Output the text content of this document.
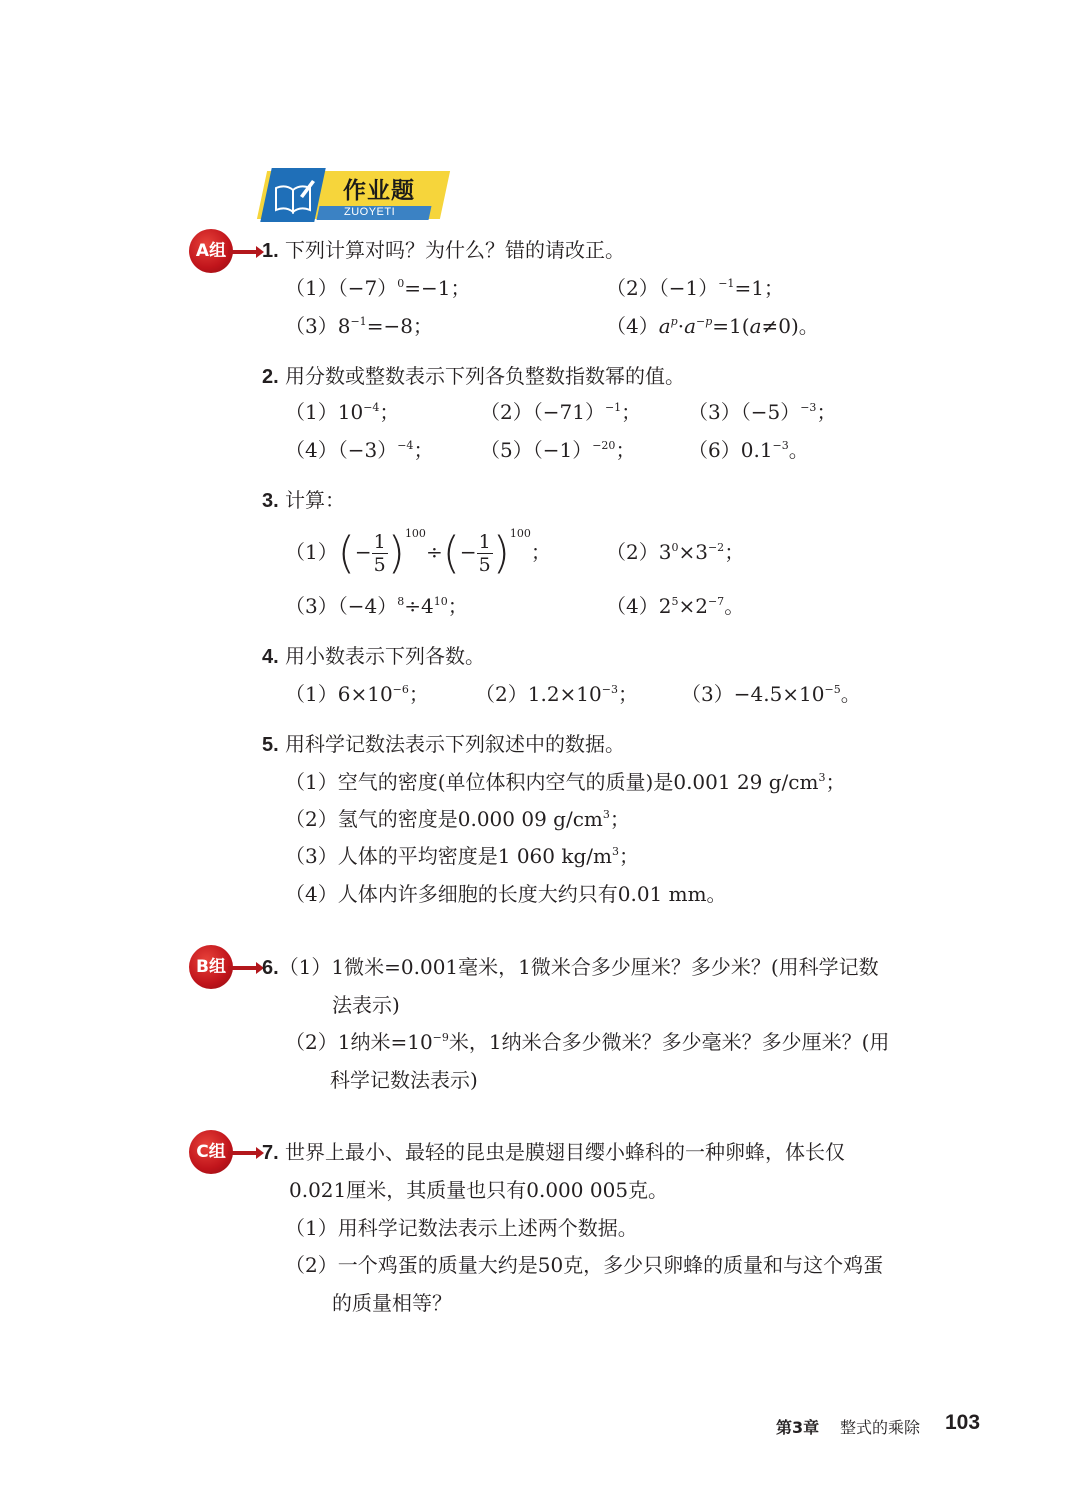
作业题
ZUOYETI
A组	1. 下列计算对吗？为什么？错的请改正。
$(1)(-7)^0=-1$；	$(2)(-1)^{-1}=1$；
$(3)8^{-1}=-8$；	$(4)a^p\cdot a^{-p}=1(a\ne 0)$。
2. 用分数或整数表示下列各负整数指数幂的值。
$(1)10^{-4}$；	$(2)(-71)^{-1}$； $(3)(-5)^{-3}$；
$(4)(-3)^{-4}$； $(5)(-1)^{-20}$；	$(6)0.1^{-3}$。
3. 计算：
$(1)(- \frac{1}{5} )^{100}\div(- \frac{1}{5} )^{100}$；	$(2)3^0\times 3^{-2}$；
$(3)(-4)^8\div 4^{10}$；	$(4)2^5\times 2^{-7}$。
4. 用小数表示下列各数。
$(1)6\times 10^{-6}$； $(2)1.2\times 10^{-3}$； $(3)-4.5\times 10^{-5}$。
5. 用科学记数法表示下列叙述中的数据。
（1）空气的密度(单位体积内空气的质量)是0.001 29 $g/cm^3$；
（2）氢气的密度是0.000 09 $g/cm^3$；
（3）人体的平均密度是1 060 $kg/m^3$；
（4）人体内许多细胞的长度大约只有0.01 mm。
B组	6.（1）1微米=0.001毫米，1微米合多少厘米？多少米？(用科学记数
法表示)
（2）1纳米$=10^{-9}$米，1纳米合多少微米？多少毫米？多少厘米？(用
科学记数法表示)
C组	7. 世界上最小、最轻的昆虫是膜翅目缨小蜂科的一种卵蜂，体长仅
0.021厘米，其质量也只有0.000 005克。
（1）用科学记数法表示上述两个数据。
（2）一个鸡蛋的质量大约是50克，多少只卵蜂的质量和与这个鸡蛋
的质量相等？
第3章 整式的乘除 103
